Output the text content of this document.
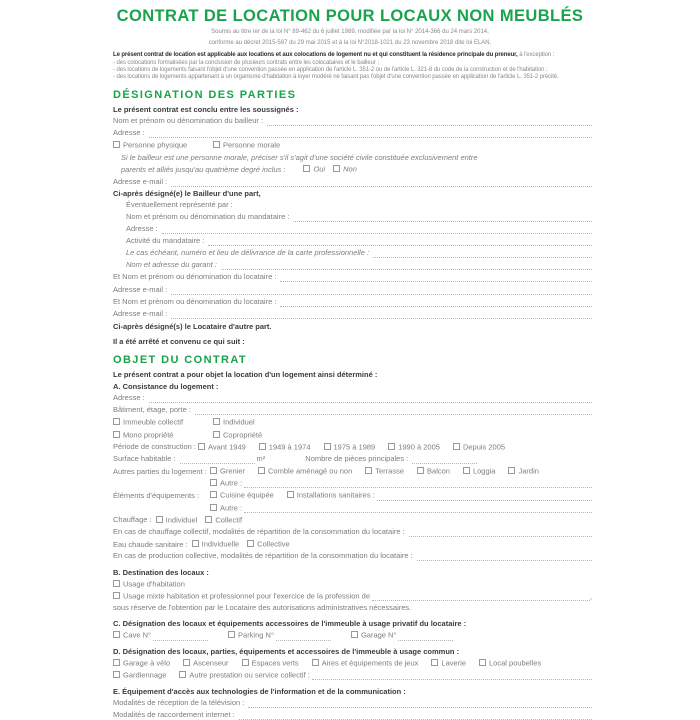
CONTRAT DE LOCATION POUR LOCAUX NON MEUBLÉS
Soumis au titre Ier de la loi N° 89-462 du 6 juillet 1989, modifiée par la loi N° 2014-366 du 24 mars 2014,
conforme au décret 2015-587 du 29 mai 2015 et à la loi N°2018-1021 du 23 novembre 2018 dite loi ELAN.
Le présent contrat de location est applicable aux locations et aux colocations de logement nu et qui constituent la résidence principale du preneur, à l'exception :
- des colocations formalisées par la conclusion de plusieurs contrats entre les colocataires et le bailleur ;
- des locations de logements faisant l'objet d'une convention passée en application de l'article L. 351-2 ou de l'article L. 321-8 du code de la construction et de l'habitation ;
- des locations de logements appartenant à un organisme d'habitation à loyer modéré ne faisant pas l'objet d'une convention passée en application de l'article L. 351-2 précité.
DÉSIGNATION DES PARTIES
Le présent contrat est conclu entre les soussignés :
Nom et prénom ou dénomination du bailleur :
Adresse :
Personne physique	Personne morale
Si le bailleur est une personne morale, préciser s'il s'agit d'une société civile constituée exclusivement entre
parents et alliés jusqu'au quatrième degré inclus :	Oui	Non
Adresse e-mail :
Ci-après désigné(e) le Bailleur d'une part,
Éventuellement représenté par :
Nom et prénom ou dénomination du mandataire :
Adresse :
Activité du mandataire :
Le cas échéant, numéro et lieu de délivrance de la carte professionnelle :
Nom et adresse du garant :
Et Nom et prénom ou dénomination du locataire :
Adresse e-mail :
Et Nom et prénom ou dénomination du locataire :
Adresse e-mail :
Ci-après désigné(s) le Locataire d'autre part.
Il a été arrêté et convenu ce qui suit :
OBJET DU CONTRAT
Le présent contrat a pour objet la location d'un logement ainsi déterminé :
A. Consistance du logement :
Adresse :
Bâtiment, étage, porte :
Immeuble collectif	Individuel
Mono propriété	Copropriété
Période de construction :	Avant 1949	1949 à 1974	1975 à 1989	1990 à 2005	Depuis 2005
Surface habitable :	m²	Nombre de pièces principales :
Autres parties du logement :	Grenier	Comble aménagé ou non	Terrasse	Balcon	Loggia	Jardin
Autre :
Éléments d'équipements :	Cuisine équipée	Installations sanitaires :
Autre :
Chauffage :	Individuel	Collectif
En cas de chauffage collectif, modalités de répartition de la consommation du locataire :
Eau chaude sanitaire :	Individuelle	Collective
En cas de production collective, modalités de répartition de la consommation du locataire :
B. Destination des locaux :
Usage d'habitation
Usage mixte habitation et professionnel pour l'exercice de la profession de	,
sous réserve de l'obtention par le Locataire des autorisations administratives nécessaires.
C. Désignation des locaux et équipements accessoires de l'immeuble à usage privatif du locataire :
Cave N°	Parking N°	Garage N°
D. Désignation des locaux, parties, équipements et accessoires de l'immeuble à usage commun :
Garage à vélo	Ascenseur	Espaces verts	Aires et équipements de jeux	Laverie	Local poubelles
Gardiennage	Autre prestation ou service collectif :
E. Équipement d'accès aux technologies de l'information et de la communication :
Modalités de réception de la télévision :
Modalités de raccordement internet :
